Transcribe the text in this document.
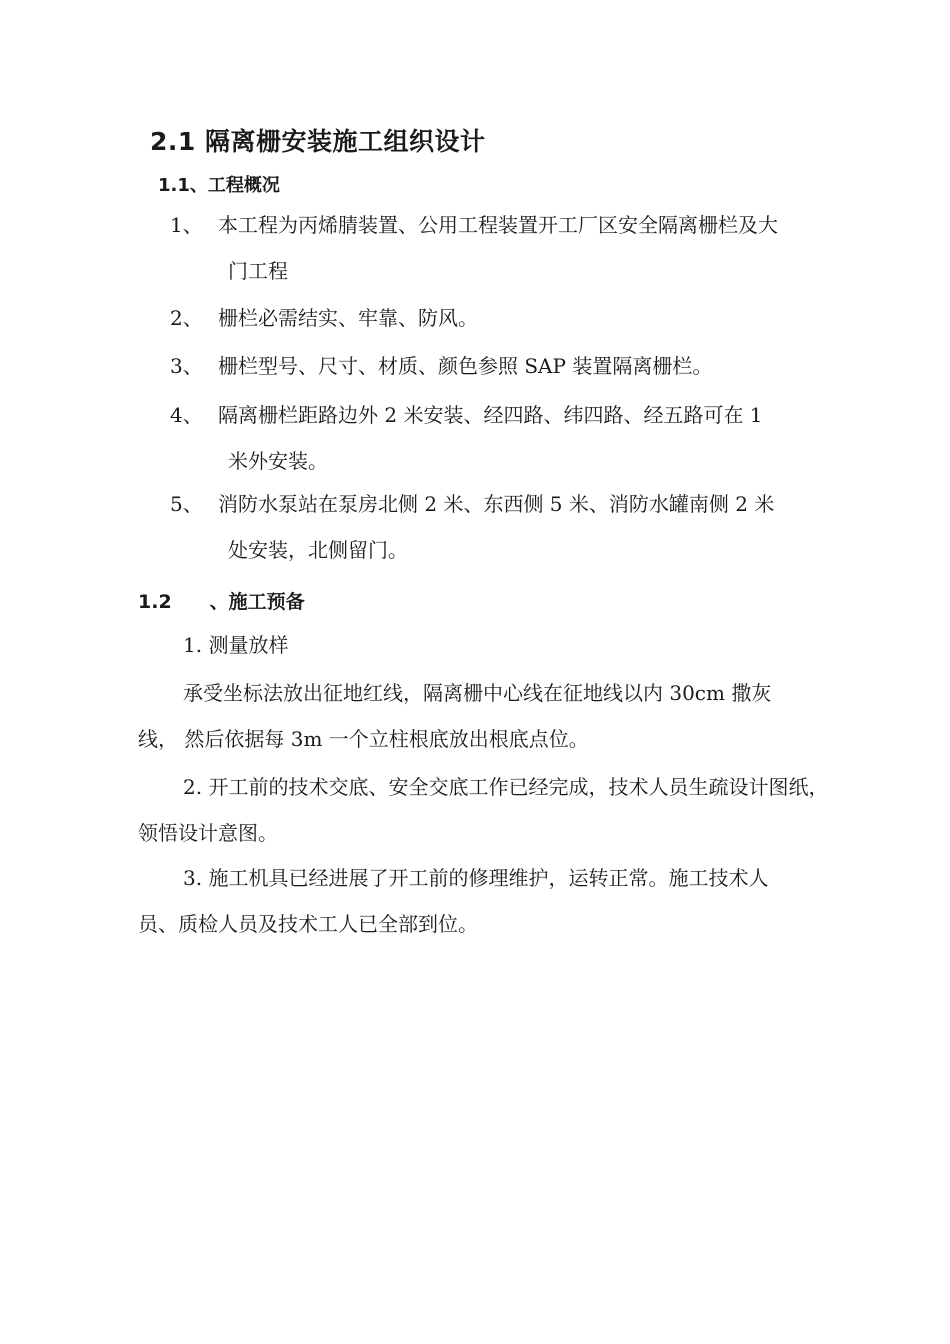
2.1 隔离栅安装施工组织设计
1.1、工程概况
1、 本工程为丙烯腈装置、公用工程装置开工厂区安全隔离栅栏及大
门工程
2、 栅栏必需结实、牢靠、防风。
3、 栅栏型号、尺寸、材质、颜色参照 SAP 装置隔离栅栏。
4、 隔离栅栏距路边外 2 米安装、经四路、纬四路、经五路可在 1
米外安装。
5、 消防水泵站在泵房北侧 2 米、东西侧 5 米、消防水罐南侧 2 米
处安装，北侧留门。
1.2 、施工预备
1. 测量放样
承受坐标法放出征地红线，隔离栅中心线在征地线以内 30cm 撒灰
线， 然后依据每 3m 一个立柱根底放出根底点位。
2. 开工前的技术交底、安全交底工作已经完成，技术人员生疏设计图纸，
领悟设计意图。
3. 施工机具已经进展了开工前的修理维护，运转正常。施工技术人
员、质检人员及技术工人已全部到位。
